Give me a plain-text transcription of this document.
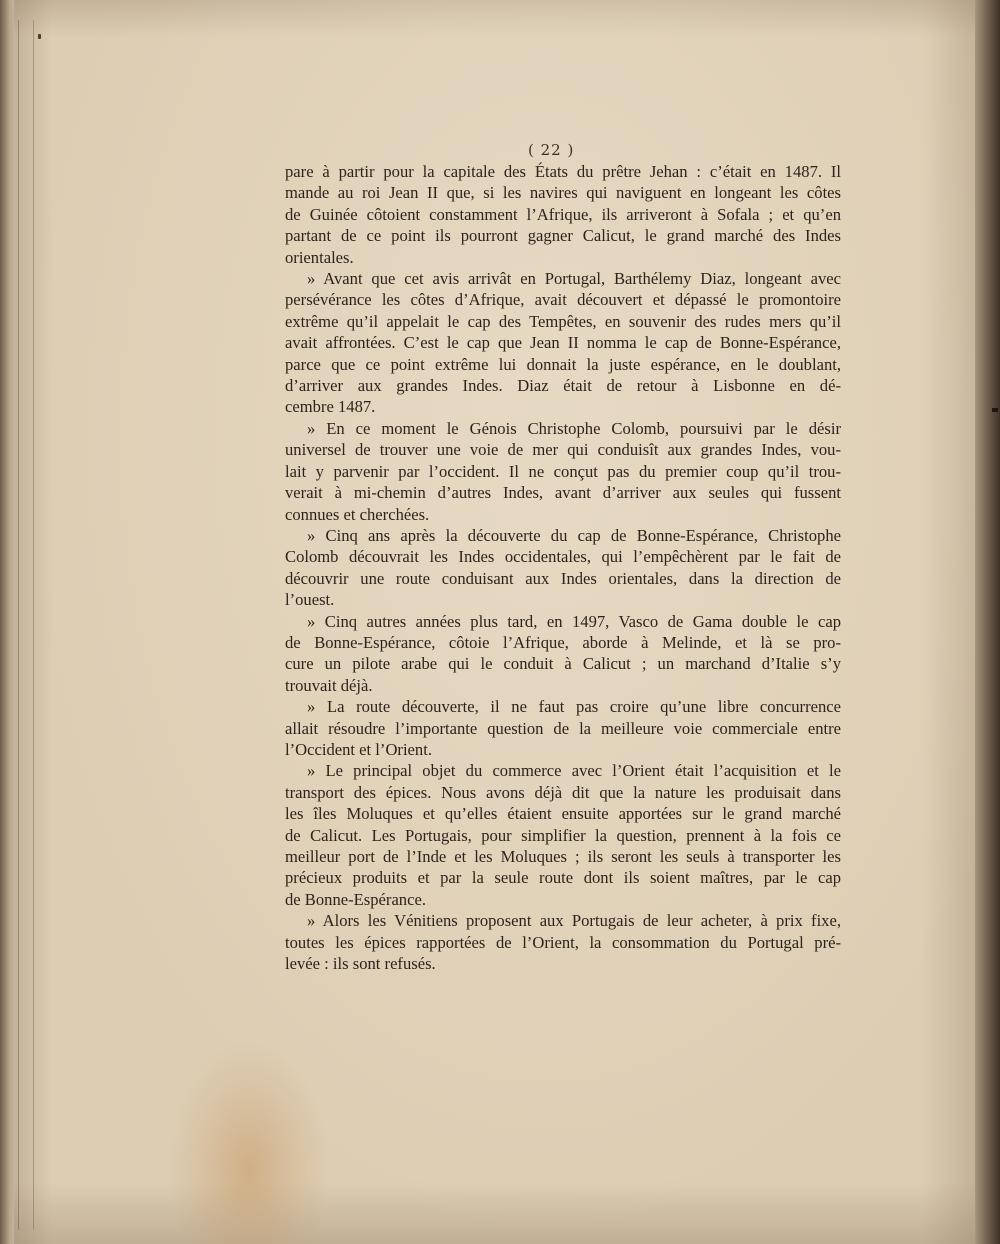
( 22 )

pare à partir pour la capitale des États du prêtre Jehan : c’était en 1487. Il
mande au roi Jean II que, si les navires qui naviguent en longeant les côtes
de Guinée côtoient constamment l’Afrique, ils arriveront à Sofala ; et qu’en
partant de ce point ils pourront gagner Calicut, le grand marché des Indes
orientales.

» Avant que cet avis arrivât en Portugal, Barthélemy Diaz, longeant avec
persévérance les côtes d’Afrique, avait découvert et dépassé le promontoire
extrême qu’il appelait le cap des Tempêtes, en souvenir des rudes mers qu’il
avait affrontées. C’est le cap que Jean II nomma le cap de Bonne-Espérance,
parce que ce point extrême lui donnait la juste espérance, en le doublant,
d’arriver aux grandes Indes. Diaz était de retour à Lisbonne en dé-
cembre 1487.

» En ce moment le Génois Christophe Colomb, poursuivi par le désir
universel de trouver une voie de mer qui conduisît aux grandes Indes, vou-
lait y parvenir par l’occident. Il ne conçut pas du premier coup qu’il trou-
verait à mi-chemin d’autres Indes, avant d’arriver aux seules qui fussent
connues et cherchées.

» Cinq ans après la découverte du cap de Bonne-Espérance, Christophe
Colomb découvrait les Indes occidentales, qui l’empêchèrent par le fait de
découvrir une route conduisant aux Indes orientales, dans la direction de
l’ouest.

» Cinq autres années plus tard, en 1497, Vasco de Gama double le cap
de Bonne-Espérance, côtoie l’Afrique, aborde à Melinde, et là se pro-
cure un pilote arabe qui le conduit à Calicut ; un marchand d’Italie s’y
trouvait déjà.

» La route découverte, il ne faut pas croire qu’une libre concurrence
allait résoudre l’importante question de la meilleure voie commerciale entre
l’Occident et l’Orient.

» Le principal objet du commerce avec l’Orient était l’acquisition et le
transport des épices. Nous avons déjà dit que la nature les produisait dans
les îles Moluques et qu’elles étaient ensuite apportées sur le grand marché
de Calicut. Les Portugais, pour simplifier la question, prennent à la fois ce
meilleur port de l’Inde et les Moluques ; ils seront les seuls à transporter les
précieux produits et par la seule route dont ils soient maîtres, par le cap
de Bonne-Espérance.

» Alors les Vénitiens proposent aux Portugais de leur acheter, à prix fixe,
toutes les épices rapportées de l’Orient, la consommation du Portugal pré-
levée : ils sont refusés.
